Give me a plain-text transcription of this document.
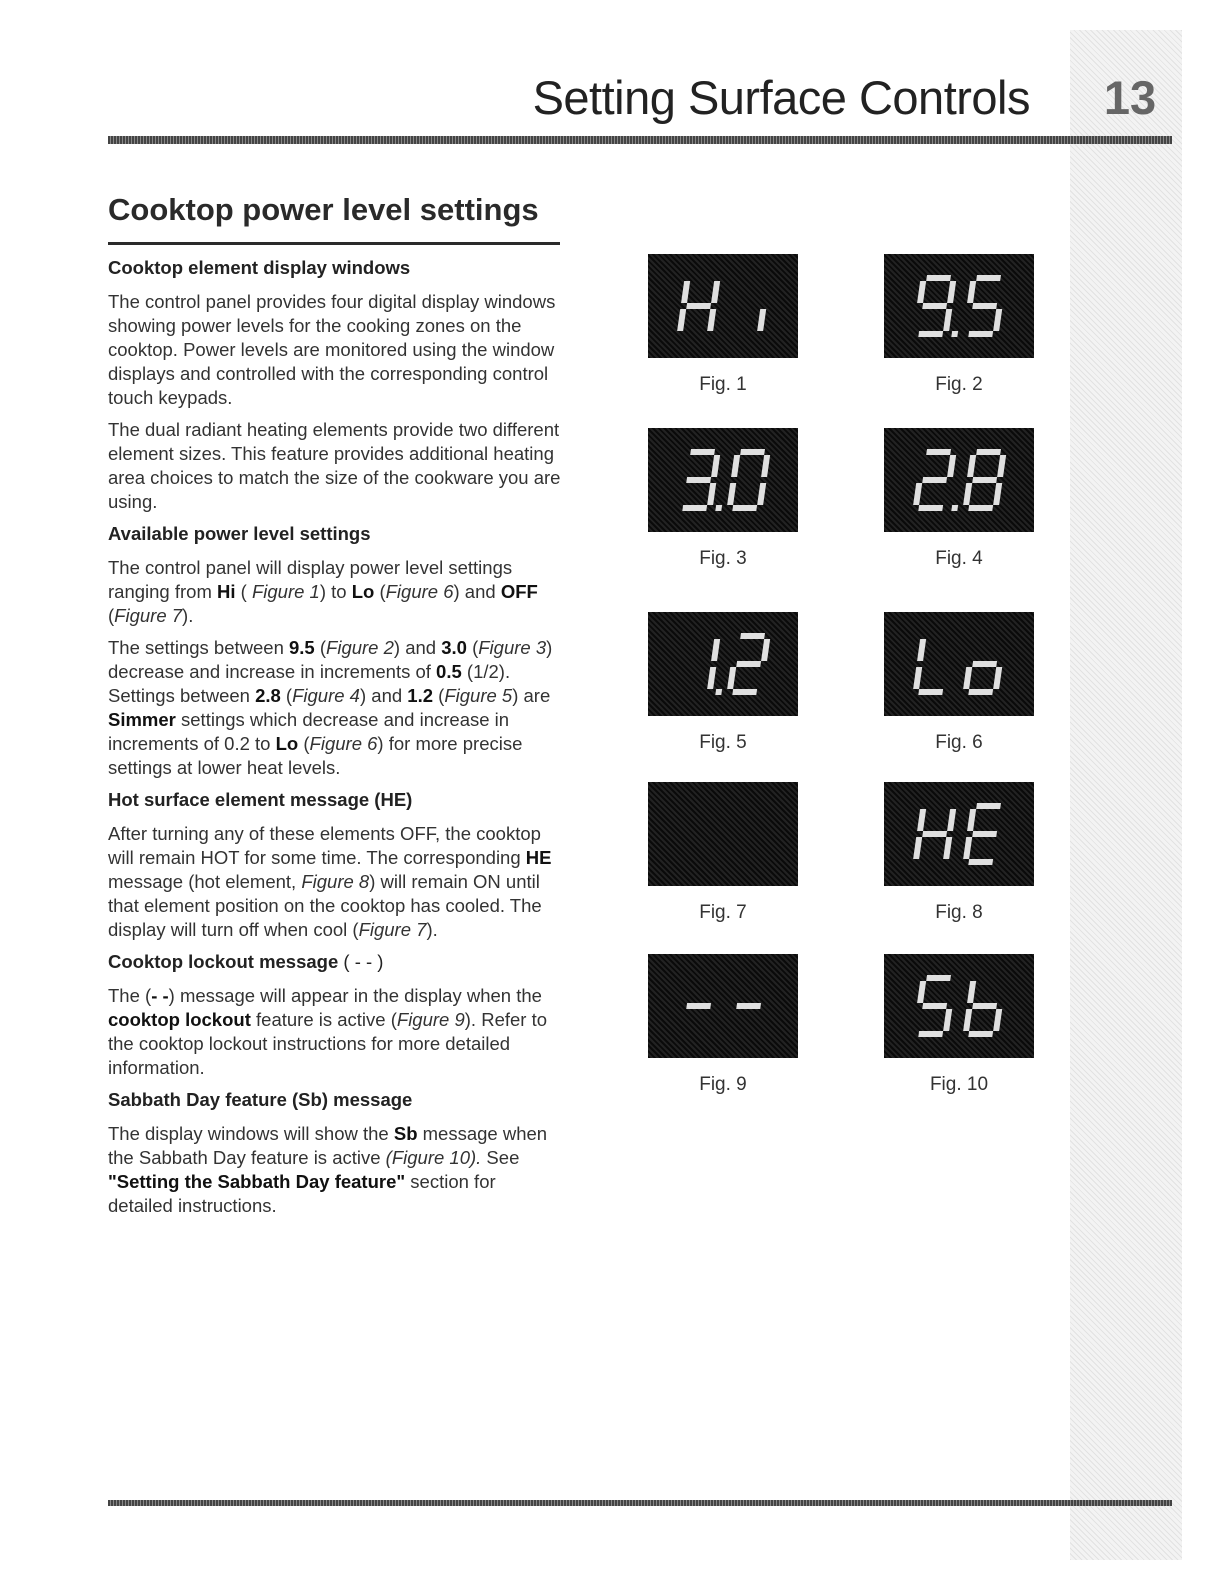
Setting Surface Controls	13
Cooktop power level settings
Cooktop element display windows

The control panel provides four digital display windows showing power levels for the cooking zones on the cooktop. Power levels are monitored using the window displays and controlled with the corresponding control touch keypads.

The dual radiant heating elements provide two different element sizes. This feature provides additional heating area choices to match the size of the cookware you are using.

Available power level settings

The control panel will display power level settings ranging from Hi ( Figure 1) to Lo (Figure 6) and OFF (Figure 7).

The settings between 9.5 (Figure 2) and 3.0 (Figure 3) decrease and increase in increments of 0.5 (1/2). Settings between 2.8 (Figure 4) and 1.2 (Figure 5) are Simmer settings which decrease and increase in increments of 0.2 to Lo (Figure 6) for more precise settings at lower heat levels.

Hot surface element message (HE)

After turning any of these elements OFF, the cooktop will remain HOT for some time. The corresponding HE message (hot element, Figure 8) will remain ON until that element position on the cooktop has cooled. The display will turn off when cool (Figure 7).

Cooktop lockout message ( - - )

The (- -) message will appear in the display when the cooktop lockout feature is active (Figure 9). Refer to the cooktop lockout instructions for more detailed information.

Sabbath Day feature (Sb) message

The display windows will show the Sb message when the Sabbath Day feature is active (Figure 10). See "Setting the Sabbath Day feature" section for detailed instructions.

Fig. 1	Fig. 2
Fig. 3	Fig. 4
Fig. 5	Fig. 6
Fig. 7	Fig. 8
Fig. 9	Fig. 10
